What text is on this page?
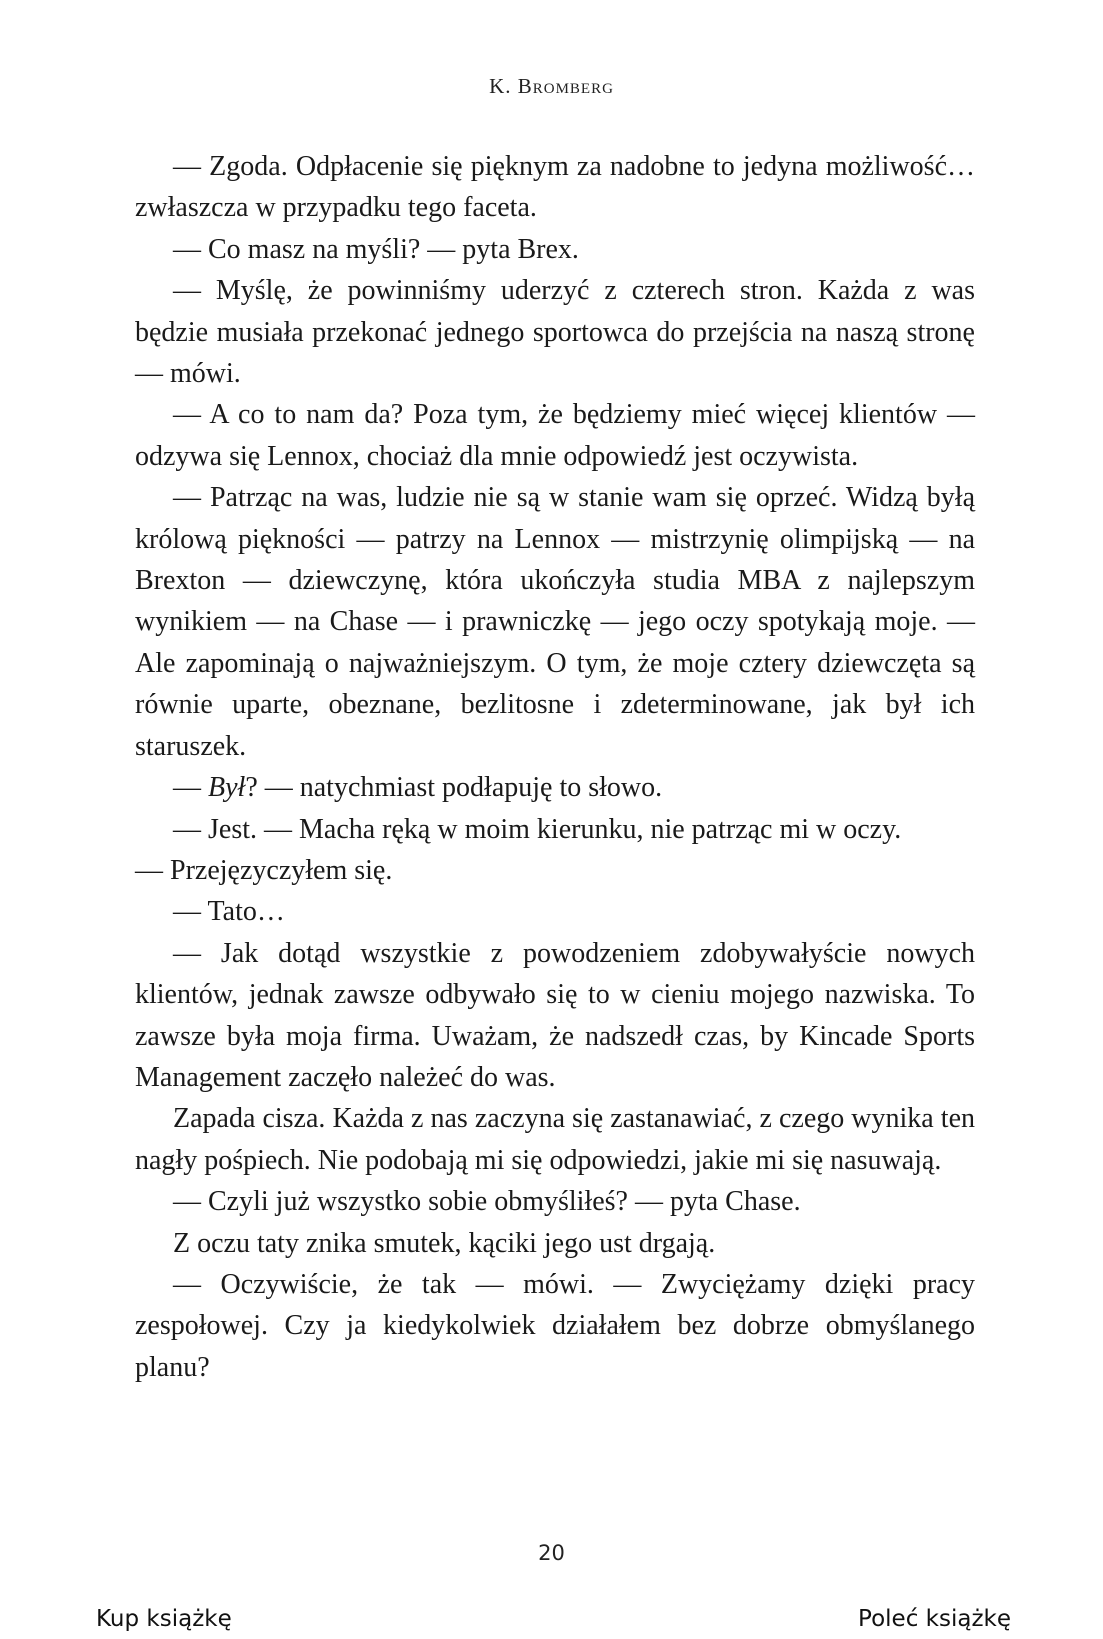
K. Bromberg

— Zgoda. Odpłacenie się pięknym za nadobne to jedyna możliwość… zwłaszcza w przypadku tego faceta.

— Co masz na myśli? — pyta Brex.

— Myślę, że powinniśmy uderzyć z czterech stron. Każda z was będzie musiała przekonać jednego sportowca do przejścia na naszą stronę — mówi.

— A co to nam da? Poza tym, że będziemy mieć więcej klientów — odzywa się Lennox, chociaż dla mnie odpowiedź jest oczywista.

— Patrząc na was, ludzie nie są w stanie wam się oprzeć. Widzą byłą królową piękności — patrzy na Lennox — mistrzynię olimpijską — na Brexton — dziewczynę, która ukończyła studia MBA z najlepszym wynikiem — na Chase — i prawniczkę — jego oczy spotykają moje. — Ale zapominają o najważniejszym. O tym, że moje cztery dziewczęta są równie uparte, obeznane, bezlitosne i zdeterminowane, jak był ich staruszek.

— Był? — natychmiast podłapuję to słowo.

— Jest. — Macha ręką w moim kierunku, nie patrząc mi w oczy.

— Przejęzyczyłem się.

— Tato…

— Jak dotąd wszystkie z powodzeniem zdobywałyście nowych klientów, jednak zawsze odbywało się to w cieniu mojego nazwiska. To zawsze była moja firma. Uważam, że nadszedł czas, by Kincade Sports Management zaczęło należeć do was.

Zapada cisza. Każda z nas zaczyna się zastanawiać, z czego wynika ten nagły pośpiech. Nie podobają mi się odpowiedzi, jakie mi się nasuwają.

— Czyli już wszystko sobie obmyśliłeś? — pyta Chase.

Z oczu taty znika smutek, kąciki jego ust drgają.

— Oczywiście, że tak — mówi. — Zwyciężamy dzięki pracy zespołowej. Czy ja kiedykolwiek działałem bez dobrze obmyślanego planu?

20
Kup książkę	Poleć książkę
